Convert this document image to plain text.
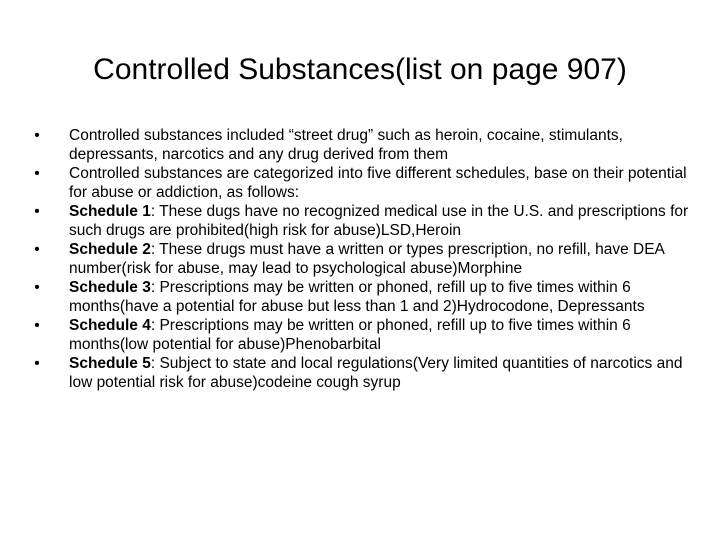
Controlled Substances(list on page 907)
• Controlled substances included “street drug” such as heroin, cocaine, stimulants, depressants, narcotics and any drug derived from them
• Controlled substances are categorized into five different schedules, base on their potential for abuse or addiction, as follows:
• Schedule 1: These dugs have no recognized medical use in the U.S. and prescriptions for such drugs are prohibited(high risk for abuse)LSD,Heroin
• Schedule 2: These drugs must have a written or types prescription, no refill, have DEA number(risk for abuse, may lead to psychological abuse)Morphine
• Schedule 3: Prescriptions may be written or phoned, refill up to five times within 6 months(have a potential for abuse but less than 1 and 2)Hydrocodone, Depressants
• Schedule 4: Prescriptions may be written or phoned, refill up to five times within 6 months(low potential for abuse)Phenobarbital
• Schedule 5: Subject to state and local regulations(Very limited quantities of narcotics and low potential risk for abuse)codeine cough syrup
